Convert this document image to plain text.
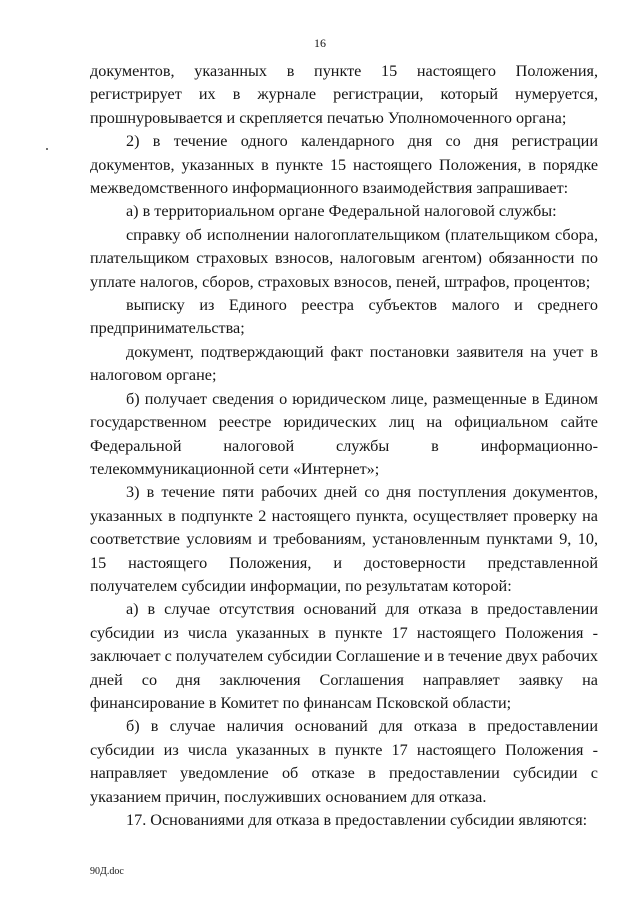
16

документов, указанных в пункте 15 настоящего Положения, регистрирует их в журнале регистрации, который нумеруется, прошнуровывается и скрепляется печатью Уполномоченного органа;

2) в течение одного календарного дня со дня регистрации документов, указанных в пункте 15 настоящего Положения, в порядке межведомственного информационного взаимодействия запрашивает:

а) в территориальном органе Федеральной налоговой службы:

справку об исполнении налогоплательщиком (плательщиком сбора, плательщиком страховых взносов, налоговым агентом) обязанности по уплате налогов, сборов, страховых взносов, пеней, штрафов, процентов;

выписку из Единого реестра субъектов малого и среднего предпринимательства;

документ, подтверждающий факт постановки заявителя на учет в налоговом органе;

б) получает сведения о юридическом лице, размещенные в Едином государственном реестре юридических лиц на официальном сайте Федеральной налоговой службы в информационно-телекоммуникационной сети «Интернет»;

3) в течение пяти рабочих дней со дня поступления документов, указанных в подпункте 2 настоящего пункта, осуществляет проверку на соответствие условиям и требованиям, установленным пунктами 9, 10, 15 настоящего Положения, и достоверности представленной получателем субсидии информации, по результатам которой:

а) в случае отсутствия оснований для отказа в предоставлении субсидии из числа указанных в пункте 17 настоящего Положения - заключает с получателем субсидии Соглашение и в течение двух рабочих дней со дня заключения Соглашения направляет заявку на финансирование в Комитет по финансам Псковской области;

б) в случае наличия оснований для отказа в предоставлении субсидии из числа указанных в пункте 17 настоящего Положения - направляет уведомление об отказе в предоставлении субсидии с указанием причин, послуживших основанием для отказа.

17. Основаниями для отказа в предоставлении субсидии являются:

90Д.doc
